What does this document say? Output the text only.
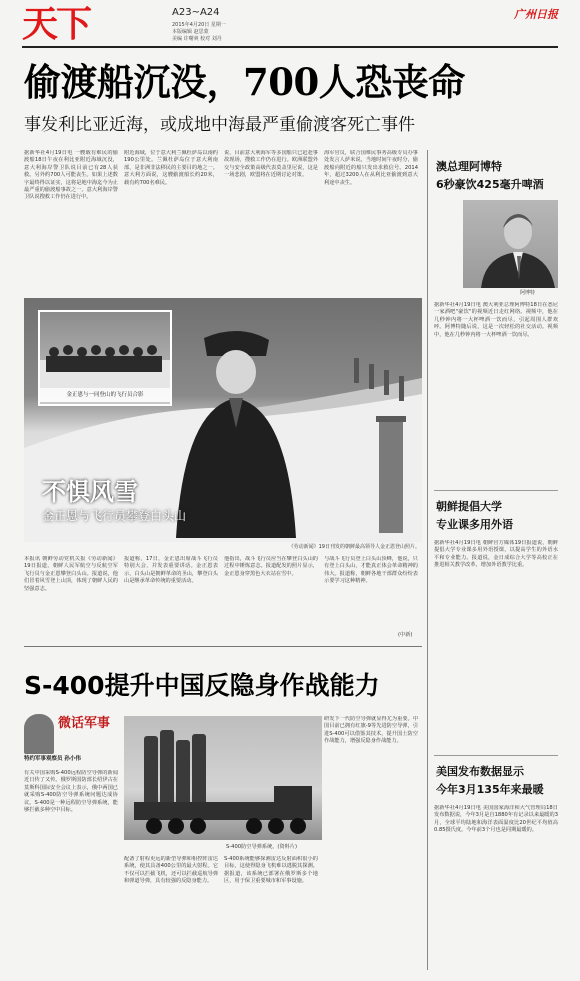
天下	A23~A24
2015年4月20日 星期一
本版编辑 赵思蒙
美编 许曙爽 校对 刘丹
广州日报
偷渡船沉没，700人恐丧命
事发利比亚近海，或成地中海最严重偷渡客死亡事件
据新华社4月19日电 一艘载有难民的偷渡船18日午夜在利比亚附近海域沉没，意大利海岸警卫队说目前已有28人获救。另外约700人可能丧生。如果上述数字最终得以证实，这将是地中海迄今为止最严重的偷渡船事故之一。意大利海岸警卫队说搜救工作仍在进行中。
附近海域，位于意大利兰佩杜萨岛以南约190公里处。兰佩杜萨岛位于意大利南部，是非洲非法移民的主要目的地之一。意大利方面说，这艘偷渡船长约20米，载有约700名难民。
说，目前意大利海军等多国船只已赶赴事故现场，搜救工作仍在进行。欧洲联盟外交与安全政策高级代表莫盖里尼说，这是一场悲剧，欧盟将在近期讨论对策。
海军官员，联合国难民事务高级专员办事处发言人萨米说，当地时间午夜时分，偷渡船向附近的船只发出求救信号。2014年，超过3200人在从利比亚偷渡到意大利途中丧生。
澳总理阿博特
6秒豪饮425毫升啤酒
阿博特
据新华社4月19日电 澳大利亚总理阿博特18日在悉尼一家酒吧"豪饮"的视频近日走红网络。视频中，他在几秒钟内将一大杯啤酒一饮而尽，引起周围人群欢呼。阿博特随后说，这是一次轻松的社交活动。视频中，他在几秒钟内将一大杯啤酒一饮而尽。
朝鲜提倡大学
专业课多用外语
据新华社4月19日电 朝鲜官方媒体19日报道说，朝鲜提倡大学专业课多用外语授课，以提高学生的外语水平和专业能力。报道说，金日成综合大学等高校正在推进相关教学改革，增加外语教学比重。
美国发布数据显示
今年3月135年来最暖
据新华社4月19日电 美国国家海洋和大气管理局18日发布数据说，今年3月是自1880年有记录以来最暖的3月，全球平均陆地和海洋表面温度比20世纪平均值高0.85摄氏度。今年前3个月也是同期最暖的。
金正恩与一同登山的飞行员合影
不惧风雪
金正恩与飞行员攀登白头山
《劳动新闻》19日刊发的朝鲜最高领导人金正恩登山照片。
本报讯 朝鲜劳动党机关报《劳动新闻》19日报道，朝鲜人民军航空与反航空军飞行员与金正恩攀登白头山。报道说，他们冒着风雪登上山顶，体现了朝鲜人民的坚强意志。
报道称，17日，金正恩出席战斗飞行员特别大会，并发表重要讲话。金正恩表示，白头山是朝鲜革命的圣山，攀登白头山是继承革命传统的重要活动。
他指出，战斗飞行员应当在攀登白头山的过程中锤炼意志。报道配发的照片显示，金正恩身穿黑色大衣站在雪中。
与战斗飞行员登上白头山顶峰，他说，只有登上白头山，才能真正体会革命精神的伟大。报道称，朝鲜各地干部群众纷纷表示要学习这种精神。
(中新)
S-400提升中国反隐身作战能力
微话军事
特约军事观察员 孙小伟
S-400防空导弹系统。(资料片)
有关中国采购S-400远程防空导弹的新闻近日传了又传。俄罗斯国防部长绍伊古在莫斯科国际安全会议上表示，俄中两国已就采购S-400防空导弹系统问题达成协议。S-400是一种远程防空导弹系统，能够拦截多种空中目标。
配备了射程更远的新型导弹和相控阵雷达系统，使其具备400公里的最大射程。它不仅可以拦截飞机，还可以拦截巡航导弹和弹道导弹，具有较强的反隐身能力。
S-400系统能够探测雷达反射面积很小的目标，这使得隐身飞机难以逃脱其探测。据报道，该系统已部署在俄罗斯多个地区，用于保卫重要城市和军事设施。
研发下一代防空导弹就显得尤为重要。中国目前已拥有红旗-9等先进防空导弹，引进S-400可以借鉴其技术，提升国土防空作战能力，增强反隐身作战能力。
